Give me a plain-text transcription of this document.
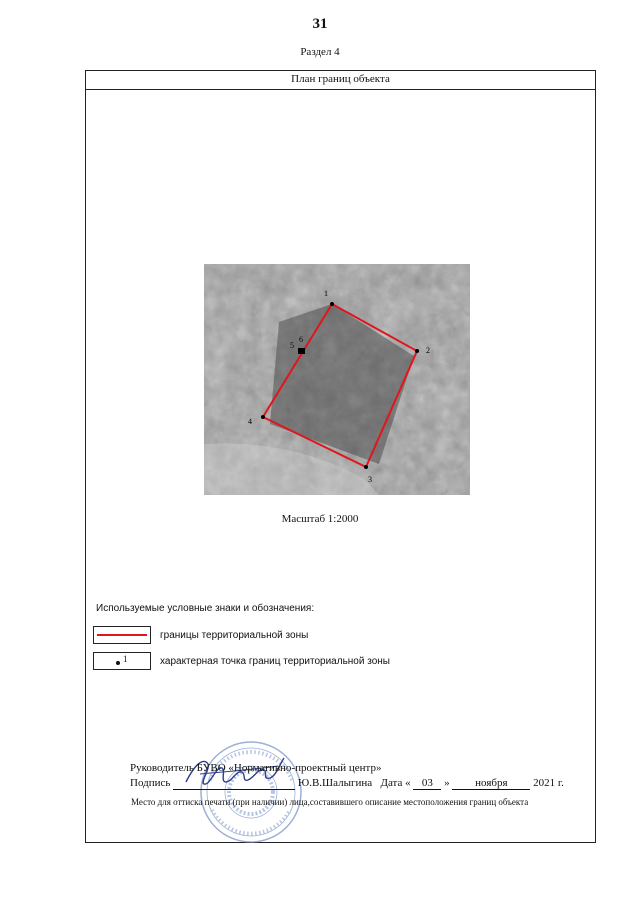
31
Раздел 4
План границ объекта
1
2
3
4
5
6
Масштаб 1:2000
Используемые условные знаки и обозначения:
границы территориальной зоны
1	характерная точка границ территориальной зоны
Руководитель БУВО «Нормативно-проектный центр»
Подпись	Ю.В.Шалыгина Дата « 03 » ноября 2021 г.
Место для оттиска печати (при наличии) лица,составившего описание местоположения границ объекта
